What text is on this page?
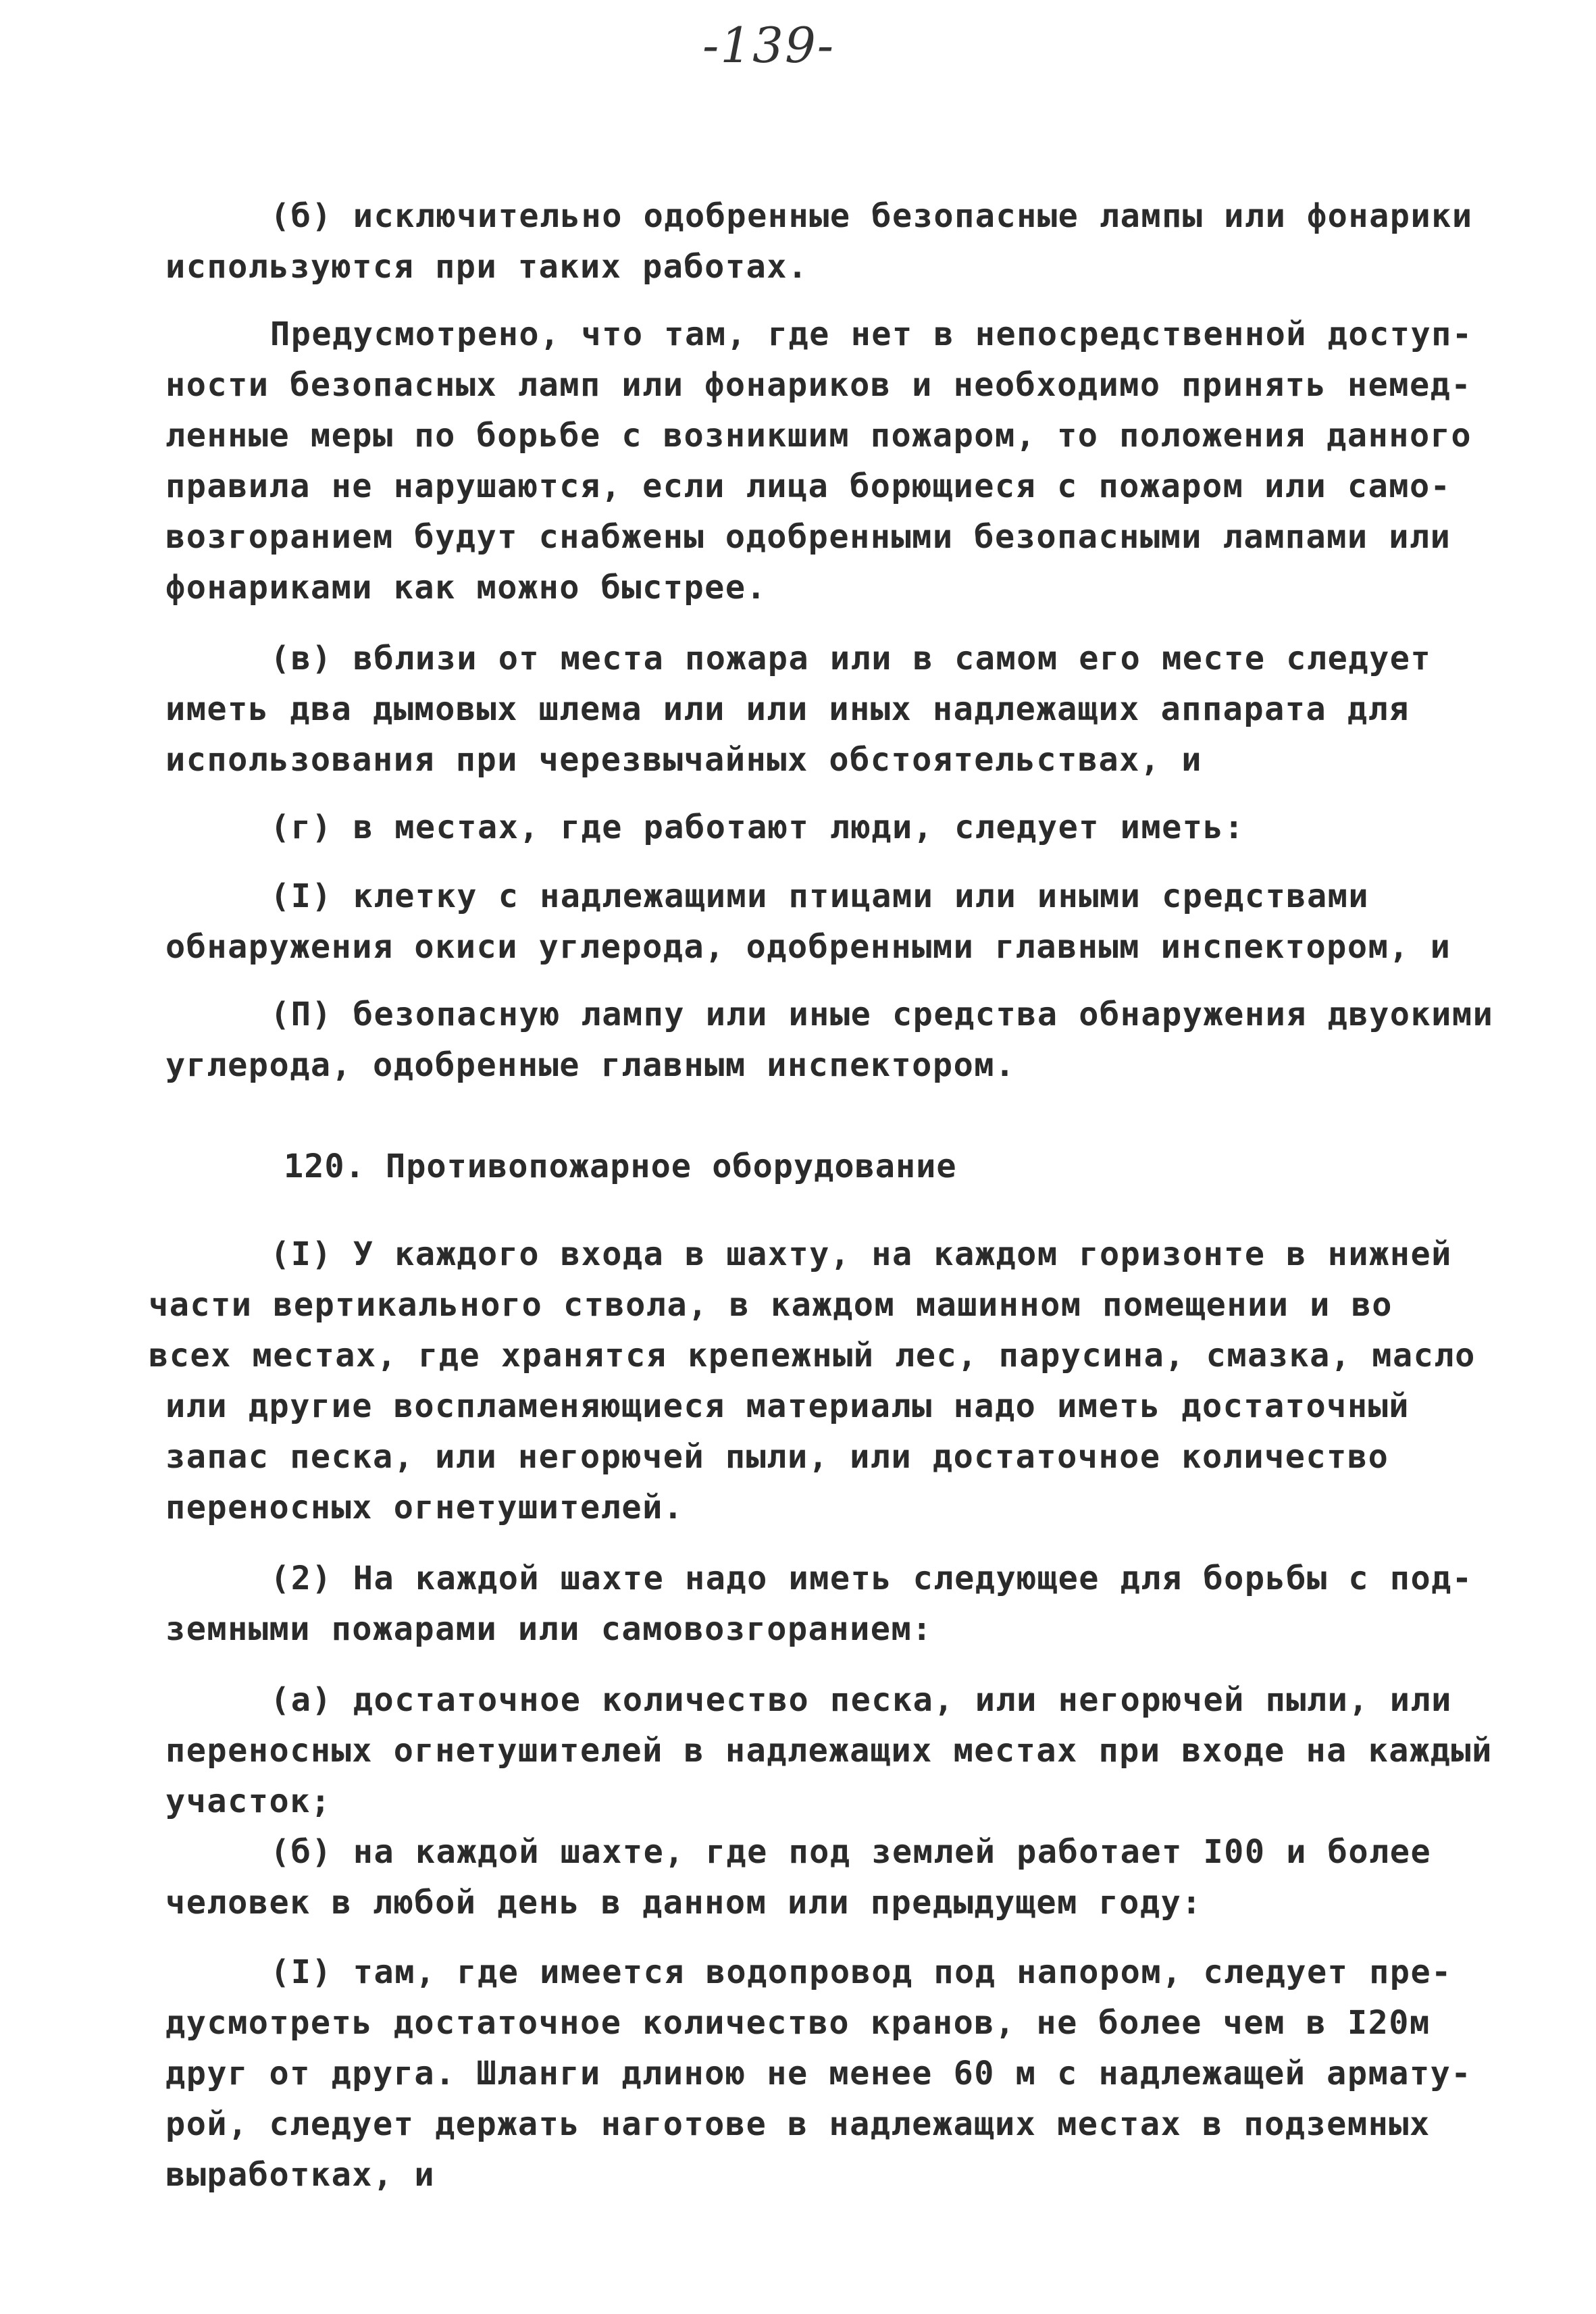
-139-
(б) исключительно одобренные безопасные лампы или фонарики
используются при таких работах.
Предусмотрено, что там, где нет в непосредственной доступ-
ности безопасных ламп или фонариков и необходимо принять немед-
ленные меры по борьбе с возникшим пожаром, то положения данного
правила не нарушаются, если лица борющиеся с пожаром или само-
возгоранием будут снабжены одобренными безопасными лампами или
фонариками как можно быстрее.
(в) вблизи от места пожара или в самом его месте следует
иметь два дымовых шлема или или иных надлежащих аппарата для
использования при черезвычайных обстоятельствах, и
(г) в местах, где работают люди, следует иметь:
(I) клетку с надлежащими птицами или иными средствами
обнаружения окиси углерода, одобренными главным инспектором, и
(П) безопасную лампу или иные средства обнаружения двуокими
углерода, одобренные главным инспектором.
120. Противопожарное оборудование
(I) У каждого входа в шахту, на каждом горизонте в нижней
части вертикального ствола, в каждом машинном помещении и во
всех местах, где хранятся крепежный лес, парусина, смазка, масло
или другие воспламеняющиеся материалы надо иметь достаточный
запас песка, или негорючей пыли, или достаточное количество
переносных огнетушителей.
(2) На каждой шахте надо иметь следующее для борьбы с под-
земными пожарами или самовозгоранием:
(а) достаточное количество песка, или негорючей пыли, или
переносных огнетушителей в надлежащих местах при входе на каждый
участок;
(б) на каждой шахте, где под землей работает I00 и более
человек в любой день в данном или предыдущем году:
(I) там, где имеется водопровод под напором, следует пре-
дусмотреть достаточное количество кранов, не более чем в I20м
друг от друга. Шланги длиною не менее 60 м с надлежащей армату-
рой, следует держать наготове в надлежащих местах в подземных
выработках, и
